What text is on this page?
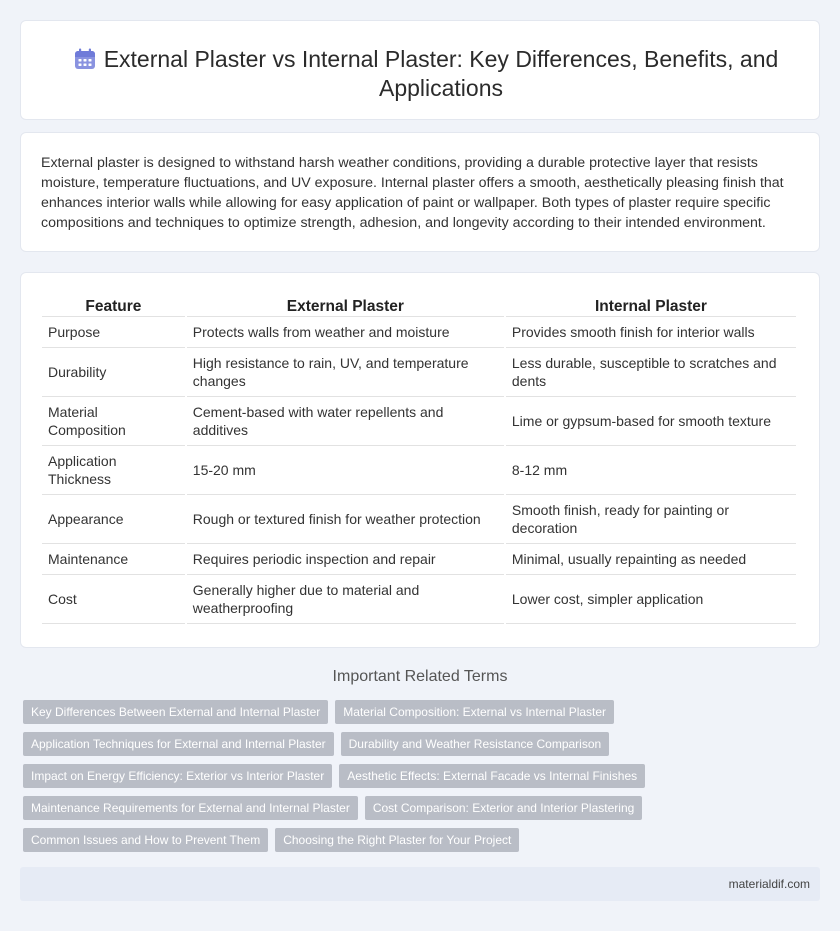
External Plaster vs Internal Plaster: Key Differences, Benefits, and Applications

External plaster is designed to withstand harsh weather conditions, providing a durable protective layer that resists moisture, temperature fluctuations, and UV exposure. Internal plaster offers a smooth, aesthetically pleasing finish that enhances interior walls while allowing for easy application of paint or wallpaper. Both types of plaster require specific compositions and techniques to optimize strength, adhesion, and longevity according to their intended environment.

Feature	External Plaster	Internal Plaster
Purpose	Protects walls from weather and moisture	Provides smooth finish for interior walls
Durability	High resistance to rain, UV, and temperature changes	Less durable, susceptible to scratches and dents
Material Composition	Cement-based with water repellents and additives	Lime or gypsum-based for smooth texture
Application Thickness	15-20 mm	8-12 mm
Appearance	Rough or textured finish for weather protection	Smooth finish, ready for painting or decoration
Maintenance	Requires periodic inspection and repair	Minimal, usually repainting as needed
Cost	Generally higher due to material and weatherproofing	Lower cost, simpler application
Important Related Terms
Key Differences Between External and Internal Plaster	Material Composition: External vs Internal Plaster
Application Techniques for External and Internal Plaster	Durability and Weather Resistance Comparison
Impact on Energy Efficiency: Exterior vs Interior Plaster	Aesthetic Effects: External Facade vs Internal Finishes
Maintenance Requirements for External and Internal Plaster	Cost Comparison: Exterior and Interior Plastering
Common Issues and How to Prevent Them	Choosing the Right Plaster for Your Project
materialdif.com
